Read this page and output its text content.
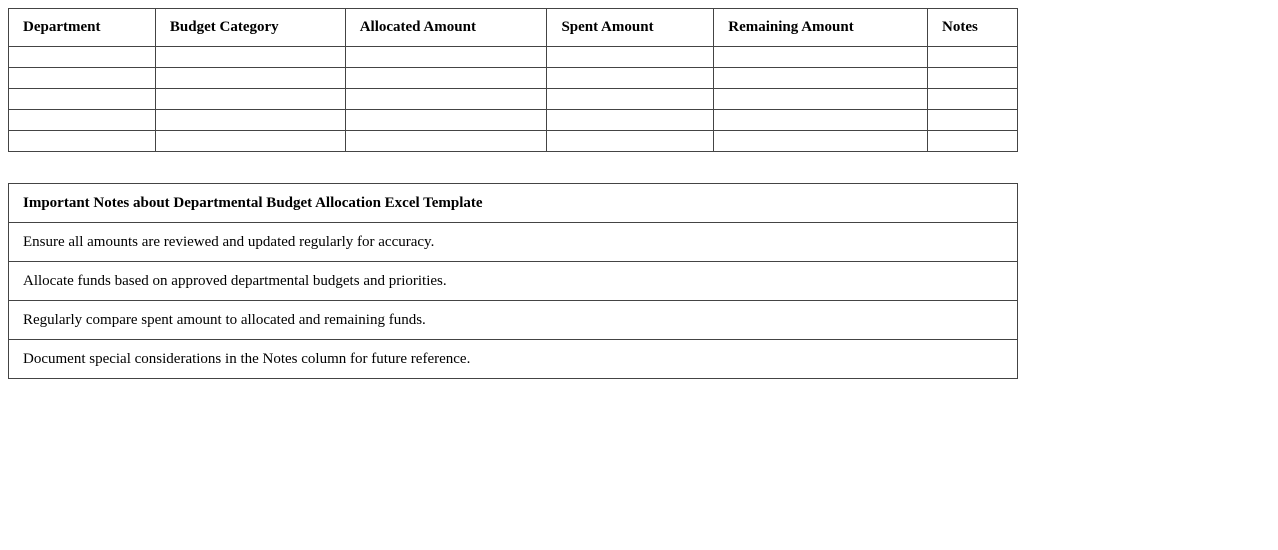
Department	Budget Category	Allocated Amount	Spent Amount	Remaining Amount	Notes

Important Notes about Departmental Budget Allocation Excel Template
Ensure all amounts are reviewed and updated regularly for accuracy.
Allocate funds based on approved departmental budgets and priorities.
Regularly compare spent amount to allocated and remaining funds.
Document special considerations in the Notes column for future reference.
